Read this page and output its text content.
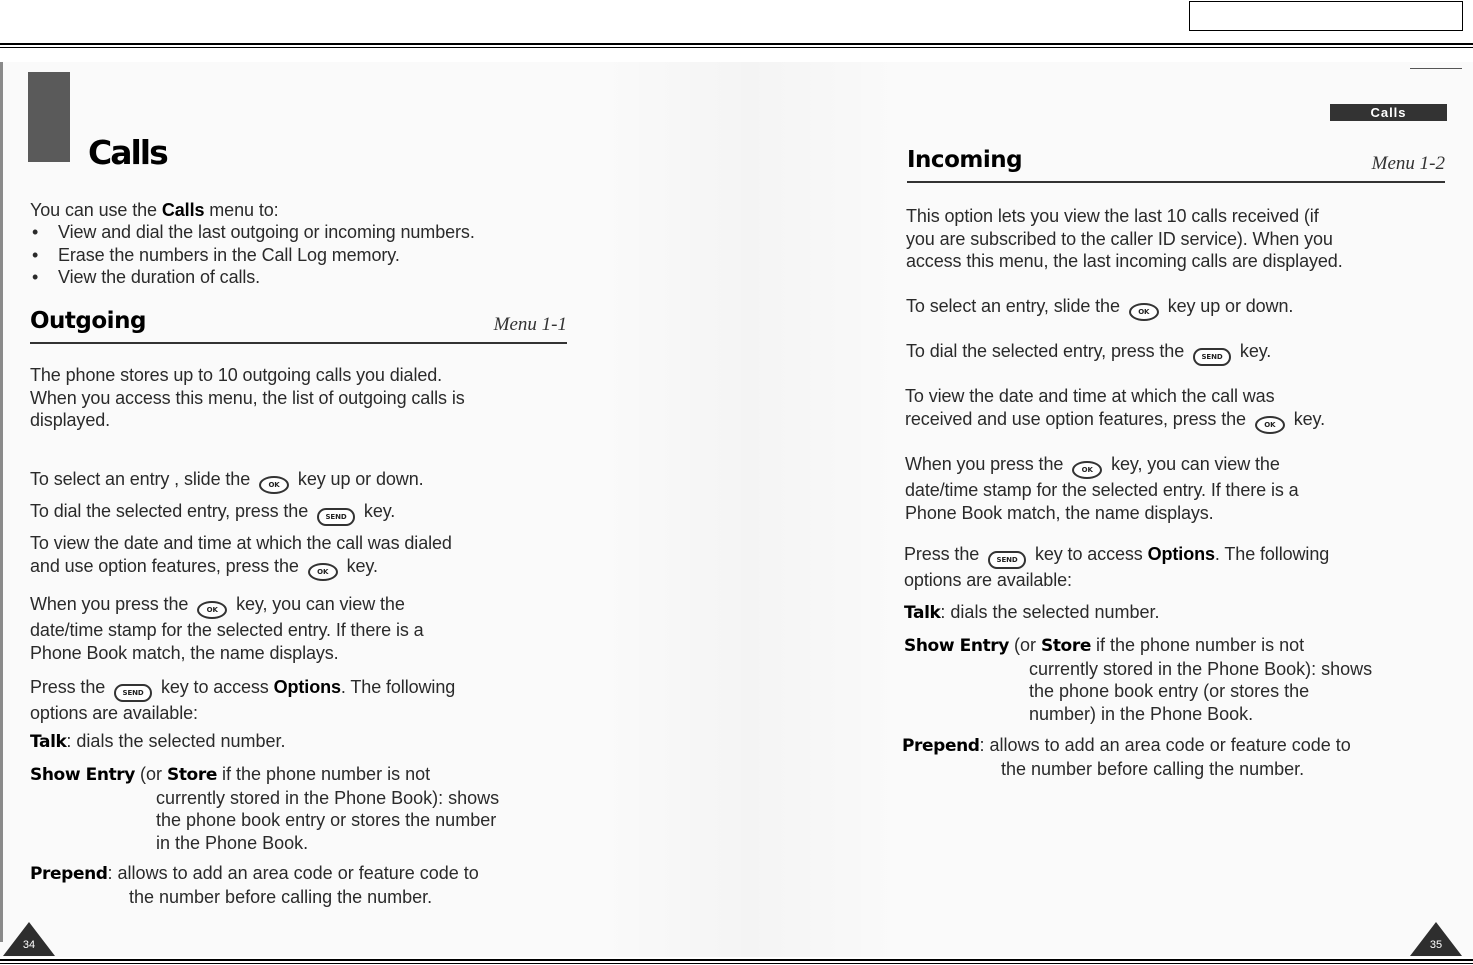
Calls
Calls
You can use the Calls menu to:
• View and dial the last outgoing or incoming numbers.
• Erase the numbers in the Call Log memory.
• View the duration of calls.
Outgoing	Menu 1-1
The phone stores up to 10 outgoing calls you dialed.
When you access this menu, the list of outgoing calls is
displayed.
To select an entry , slide the OK key up or down.
To dial the selected entry, press the SEND key.
To view the date and time at which the call was dialed
and use option features, press the OK key.
When you press the OK key, you can view the
date/time stamp for the selected entry. If there is a
Phone Book match, the name displays.
Press the SEND key to access Options. The following
options are available:
Talk: dials the selected number.
Show Entry (or Store if the phone number is not
currently stored in the Phone Book): shows
the phone book entry or stores the number
in the Phone Book.
Prepend: allows to add an area code or feature code to
the number before calling the number.
Incoming	Menu 1-2
This option lets you view the last 10 calls received (if
you are subscribed to the caller ID service). When you
access this menu, the last incoming calls are displayed.
To select an entry, slide the OK key up or down.
To dial the selected entry, press the SEND key.
To view the date and time at which the call was
received and use option features, press the OK key.
When you press the OK key, you can view the
date/time stamp for the selected entry. If there is a
Phone Book match, the name displays.
Press the SEND key to access Options. The following
options are available:
Talk: dials the selected number.
Show Entry (or Store if the phone number is not
currently stored in the Phone Book): shows
the phone book entry (or stores the
number) in the Phone Book.
Prepend: allows to add an area code or feature code to
the number before calling the number.
34	35
